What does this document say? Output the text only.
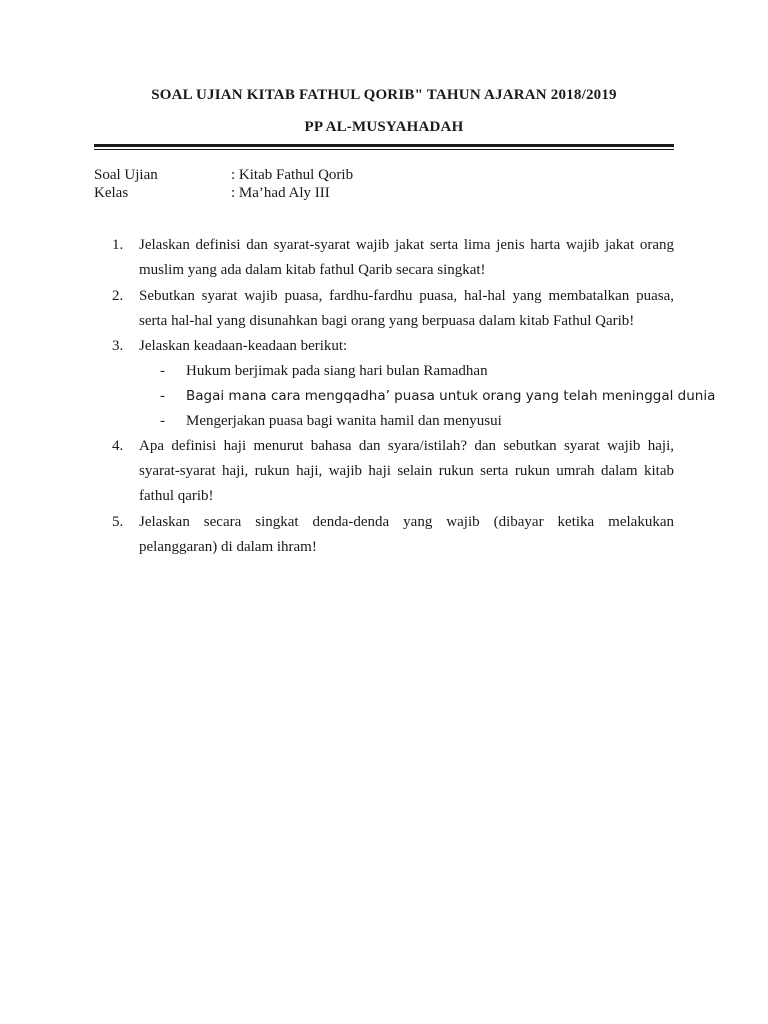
SOAL UJIAN KITAB FATHUL QORIB" TAHUN AJARAN 2018/2019
PP AL-MUSYAHADAH
Soal Ujian	: Kitab Fathul Qorib
Kelas	: Ma’had Aly III
1. Jelaskan definisi dan syarat-syarat wajib jakat serta lima jenis harta wajib jakat orang muslim yang ada dalam kitab fathul Qarib secara singkat!
2. Sebutkan syarat wajib puasa, fardhu-fardhu puasa, hal-hal yang membatalkan puasa, serta hal-hal yang disunahkan bagi orang yang berpuasa dalam kitab Fathul Qarib!
3. Jelaskan keadaan-keadaan berikut:
- Hukum berjimak pada siang hari bulan Ramadhan
- Bagai mana cara mengqadha’ puasa untuk orang yang telah meninggal dunia
- Mengerjakan puasa bagi wanita hamil dan menyusui
4. Apa definisi haji menurut bahasa dan syara/istilah? dan sebutkan syarat wajib haji, syarat-syarat haji, rukun haji, wajib haji selain rukun serta rukun umrah dalam kitab fathul qarib!
5. Jelaskan secara singkat denda-denda yang wajib (dibayar ketika melakukan pelanggaran) di dalam ihram!
